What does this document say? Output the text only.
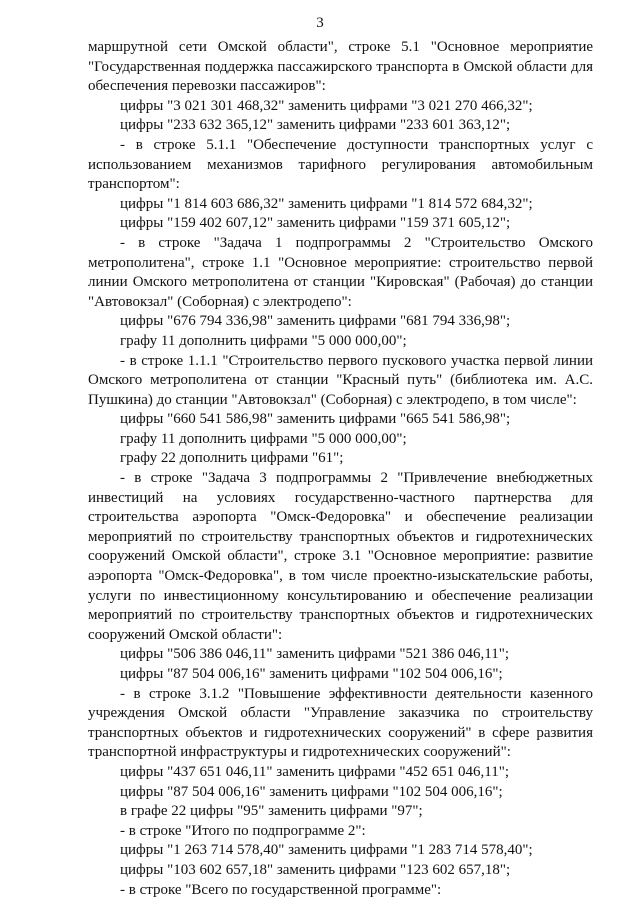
3

маршрутной сети Омской области", строке 5.1 "Основное мероприятие "Государственная поддержка пассажирского транспорта в Омской области для обеспечения перевозки пассажиров":

цифры "3 021 301 468,32" заменить цифрами "3 021 270 466,32";

цифры "233 632 365,12" заменить цифрами "233 601 363,12";

- в строке 5.1.1 "Обеспечение доступности транспортных услуг с использованием механизмов тарифного регулирования автомобильным транспортом":

цифры "1 814 603 686,32" заменить цифрами "1 814 572 684,32";

цифры "159 402 607,12" заменить цифрами "159 371 605,12";

- в строке "Задача 1 подпрограммы 2 "Строительство Омского метрополитена", строке 1.1 "Основное мероприятие: строительство первой линии Омского метрополитена от станции "Кировская" (Рабочая) до станции "Автовокзал" (Соборная) с электродепо":

цифры "676 794 336,98" заменить цифрами "681 794 336,98";

графу 11 дополнить цифрами "5 000 000,00";

- в строке 1.1.1 "Строительство первого пускового участка первой линии Омского метрополитена от станции "Красный путь" (библиотека им. А.С. Пушкина) до станции "Автовокзал" (Соборная) с электродепо, в том числе":

цифры "660 541 586,98" заменить цифрами "665 541 586,98";

графу 11 дополнить цифрами "5 000 000,00";

графу 22 дополнить цифрами "61";

- в строке "Задача 3 подпрограммы 2 "Привлечение внебюджетных инвестиций на условиях государственно-частного партнерства для строительства аэропорта "Омск-Федоровка" и обеспечение реализации мероприятий по строительству транспортных объектов и гидротехнических сооружений Омской области", строке 3.1 "Основное мероприятие: развитие аэропорта "Омск-Федоровка", в том числе проектно-изыскательские работы, услуги по инвестиционному консультированию и обеспечение реализации мероприятий по строительству транспортных объектов и гидротехнических сооружений Омской области":

цифры "506 386 046,11" заменить цифрами "521 386 046,11";

цифры "87 504 006,16" заменить цифрами "102 504 006,16";

- в строке 3.1.2 "Повышение эффективности деятельности казенного учреждения Омской области "Управление заказчика по строительству транспортных объектов и гидротехнических сооружений" в сфере развития транспортной инфраструктуры и гидротехнических сооружений":

цифры "437 651 046,11" заменить цифрами "452 651 046,11";

цифры "87 504 006,16" заменить цифрами "102 504 006,16";

в графе 22 цифры "95" заменить цифрами "97";

- в строке "Итого по подпрограмме 2":

цифры "1 263 714 578,40" заменить цифрами "1 283 714 578,40";

цифры "103 602 657,18" заменить цифрами "123 602 657,18";

- в строке "Всего по государственной программе":
